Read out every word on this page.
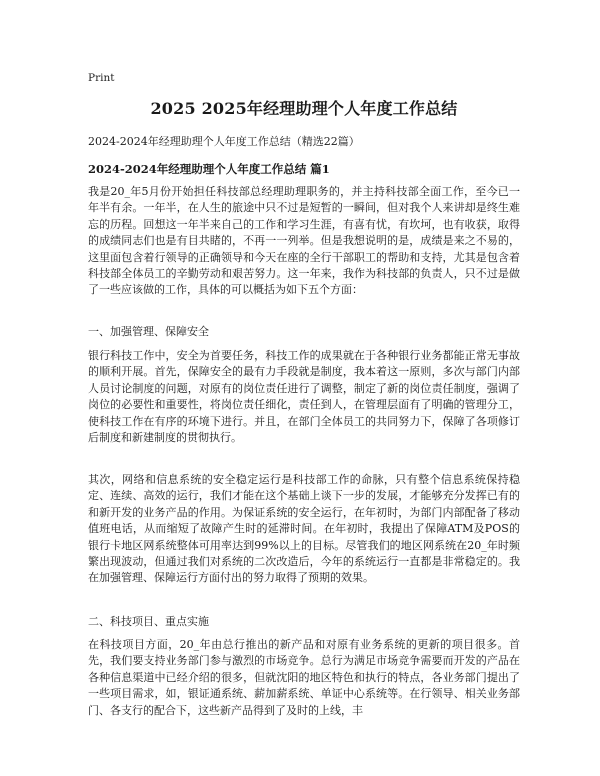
Print
2025 2025年经理助理个人年度工作总结
2024-2024年经理助理个人年度工作总结（精选22篇）
2024-2024年经理助理个人年度工作总结 篇1
我是20_年5月份开始担任科技部总经理助理职务的，并主持科技部全面工作，至今已一年半有余。一年半，在人生的旅途中只不过是短暂的一瞬间，但对我个人来讲却是终生难忘的历程。回想这一年半来自己的工作和学习生涯，有喜有忧，有坎坷，也有收获，取得的成绩同志们也是有目共睹的，不再一一列举。但是我想说明的是，成绩是来之不易的，这里面包含着行领导的正确领导和今天在座的全行干部职工的帮助和支持，尤其是包含着科技部全体员工的辛勤劳动和艰苦努力。这一年来，我作为科技部的负责人，只不过是做了一些应该做的工作，具体的可以概括为如下五个方面：
一、加强管理、保障安全
银行科技工作中，安全为首要任务，科技工作的成果就在于各种银行业务都能正常无事故的顺利开展。首先，保障安全的最有力手段就是制度，我本着这一原则，多次与部门内部人员讨论制度的问题，对原有的岗位责任进行了调整，制定了新的岗位责任制度，强调了岗位的必要性和重要性，将岗位责任细化，责任到人，在管理层面有了明确的管理分工，使科技工作在有序的环境下进行。并且，在部门全体员工的共同努力下，保障了各项修订后制度和新建制度的贯彻执行。
其次，网络和信息系统的安全稳定运行是科技部工作的命脉，只有整个信息系统保持稳定、连续、高效的运行，我们才能在这个基础上谈下一步的发展，才能够充分发挥已有的和新开发的业务产品的作用。为保证系统的安全运行，在年初时，为部门内部配备了移动值班电话，从而缩短了故障产生时的延滞时间。在年初时，我提出了保障ATM及POS的银行卡地区网系统整体可用率达到99%以上的目标。尽管我们的地区网系统在20_年时频繁出现波动，但通过我们对系统的二次改造后，今年的系统运行一直都是非常稳定的。我在加强管理、保障运行方面付出的努力取得了预期的效果。
二、科技项目、重点实施
在科技项目方面，20_年由总行推出的新产品和对原有业务系统的更新的项目很多。首先，我们要支持业务部门参与激烈的市场竞争。总行为满足市场竞争需要而开发的产品在各种信息渠道中已经介绍的很多，但就沈阳的地区特色和执行的特点，各业务部门提出了一些项目需求，如，银证通系统、薪加薪系统、单证中心系统等。在行领导、相关业务部门、各支行的配合下，这些新产品得到了及时的上线，丰
